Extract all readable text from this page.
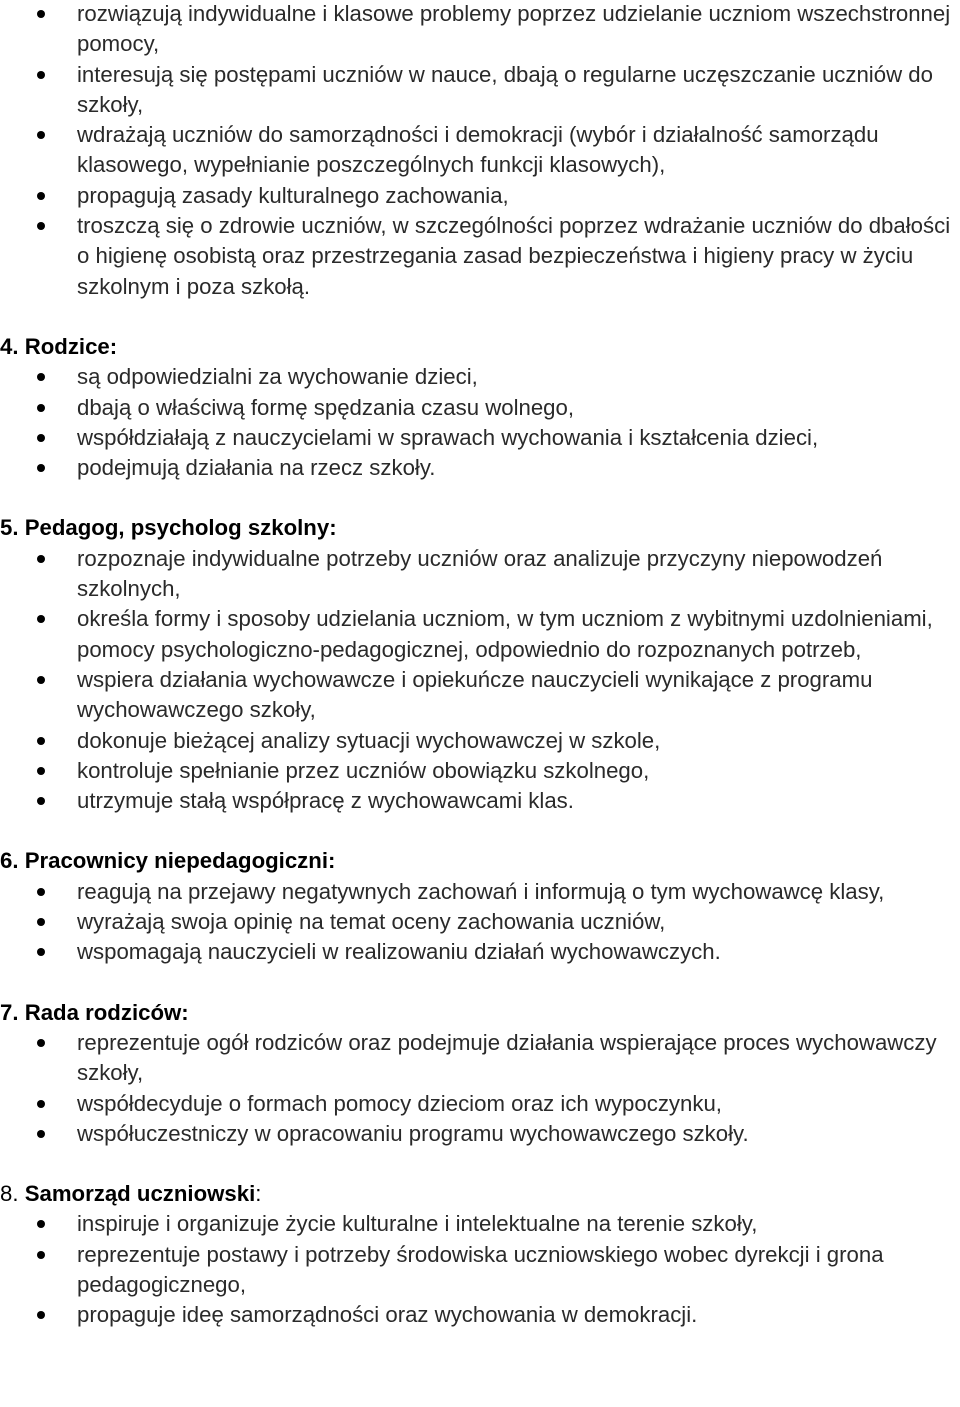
rozwiązują indywidualne i klasowe problemy poprzez udzielanie uczniom wszechstronnej pomocy,
interesują się postępami uczniów w nauce, dbają o regularne uczęszczanie uczniów do szkoły,
wdrażają uczniów do samorządności i demokracji (wybór i działalność samorządu klasowego, wypełnianie poszczególnych funkcji klasowych),
propagują zasady kulturalnego zachowania,
troszczą się o zdrowie uczniów, w szczególności poprzez wdrażanie uczniów do dbałości o higienę osobistą oraz przestrzegania zasad bezpieczeństwa i higieny pracy w życiu szkolnym i poza szkołą.
4. Rodzice:
są odpowiedzialni za wychowanie dzieci,
dbają o właściwą formę spędzania czasu wolnego,
współdziałają z nauczycielami w sprawach wychowania i kształcenia dzieci,
podejmują działania na rzecz szkoły.
5. Pedagog, psycholog szkolny:
rozpoznaje indywidualne potrzeby uczniów oraz analizuje przyczyny niepowodzeń szkolnych,
określa formy i sposoby udzielania uczniom, w tym uczniom z wybitnymi uzdolnieniami, pomocy psychologiczno-pedagogicznej, odpowiednio do rozpoznanych potrzeb,
wspiera działania wychowawcze i opiekuńcze nauczycieli wynikające z programu wychowawczego szkoły,
dokonuje bieżącej analizy sytuacji wychowawczej w szkole,
kontroluje spełnianie przez uczniów obowiązku szkolnego,
utrzymuje stałą współpracę z wychowawcami klas.
6. Pracownicy niepedagogiczni:
reagują na przejawy negatywnych zachowań i informują o tym wychowawcę klasy,
wyrażają swoja opinię na temat oceny zachowania uczniów,
wspomagają nauczycieli w realizowaniu działań wychowawczych.
7. Rada rodziców:
reprezentuje ogół rodziców oraz podejmuje działania wspierające proces wychowawczy szkoły,
współdecyduje o formach pomocy dzieciom oraz ich wypoczynku,
współuczestniczy w opracowaniu programu wychowawczego szkoły.
8. Samorząd uczniowski:
inspiruje i organizuje życie kulturalne i intelektualne na terenie szkoły,
reprezentuje postawy i potrzeby środowiska uczniowskiego wobec dyrekcji i grona pedagogicznego,
propaguje ideę samorządności oraz wychowania w demokracji.
